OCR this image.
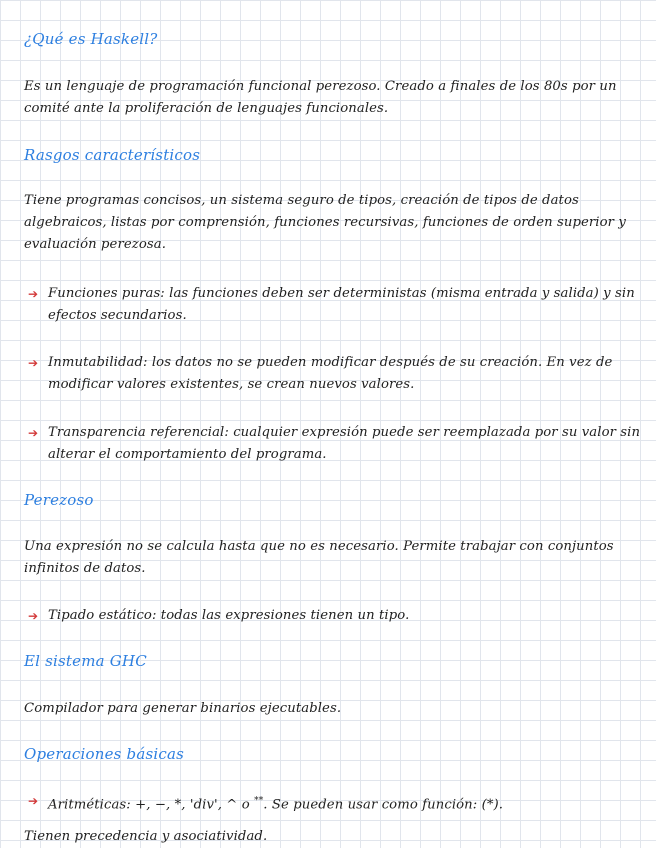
¿Qué es Haskell?
Es un lenguaje de programación funcional perezoso. Creado a finales de los 80s por un comité ante la proliferación de lenguajes funcionales.
Rasgos característicos
Tiene programas concisos, un sistema seguro de tipos, creación de tipos de datos algebraicos, listas por comprensión, funciones recursivas, funciones de orden superior y evaluación perezosa.
➔ Funciones puras: las funciones deben ser deterministas (misma entrada y salida) y sin efectos secundarios.
➔ Inmutabilidad: los datos no se pueden modificar después de su creación. En vez de modificar valores existentes, se crean nuevos valores.
➔ Transparencia referencial: cualquier expresión puede ser reemplazada por su valor sin alterar el comportamiento del programa.
Perezoso
Una expresión no se calcula hasta que no es necesario. Permite trabajar con conjuntos infinitos de datos.
➔ Tipado estático: todas las expresiones tienen un tipo.
El sistema GHC
Compilador para generar binarios ejecutables.
Operaciones básicas
➔ Aritméticas: +, −, *, 'div', ^ o **. Se pueden usar como función: (*).
Tienen precedencia y asociatividad.
